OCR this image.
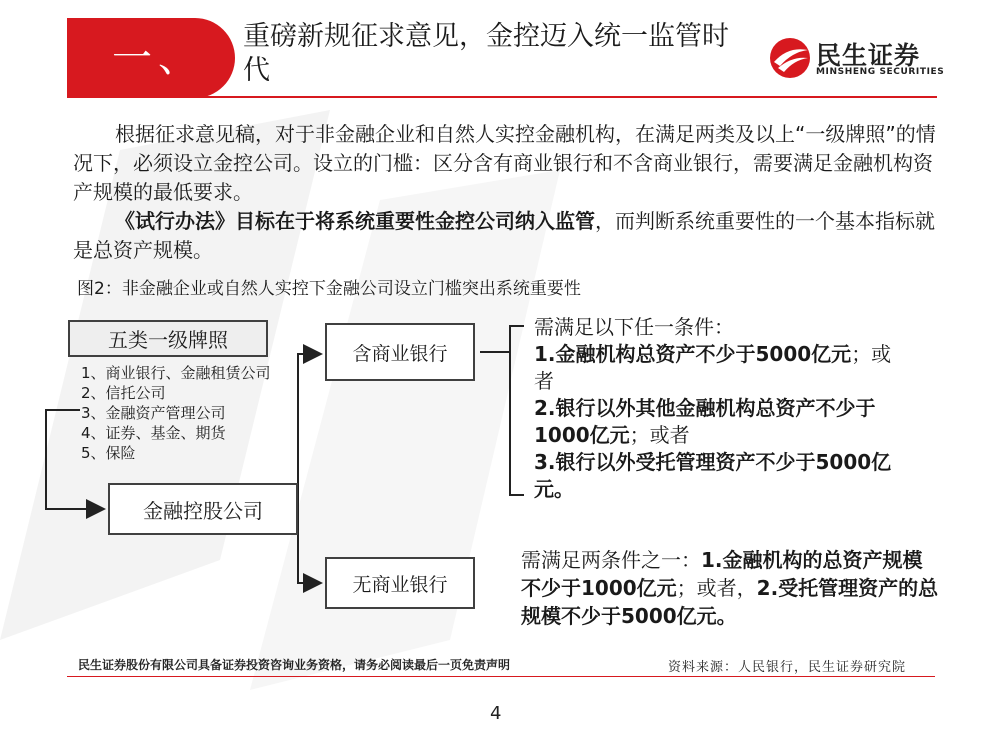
一、 重磅新规征求意见，金控迈入统一监管时代	民生证券
MINSHENG SECURITIES

根据征求意见稿，对于非金融企业和自然人实控金融机构，在满足两类及以上“一级牌照”的情况下，必须设立金控公司。设立的门槛：区分含有商业银行和不含商业银行，需要满足金融机构资产规模的最低要求。

《试行办法》目标在于将系统重要性金控公司纳入监管，而判断系统重要性的一个基本指标就是总资产规模。

图2：非金融企业或自然人实控下金融公司设立门槛突出系统重要性
五类一级牌照
1、商业银行、金融租赁公司
2、信托公司
3、金融资产管理公司
4、证券、基金、期货
5、保险
金融控股公司
含商业银行
无商业银行
需满足以下任一条件：
1.金融机构总资产不少于5000亿元；或
者
2.银行以外其他金融机构总资产不少于
1000亿元；或者
3.银行以外受托管理资产不少于5000亿
元。
需满足两条件之一：1.金融机构的总资产规模不少于1000亿元；或者，2.受托管理资产的总规模不少于5000亿元。
民生证券股份有限公司具备证券投资咨询业务资格，请务必阅读最后一页免责声明	资料来源：人民银行，民生证券研究院
4
